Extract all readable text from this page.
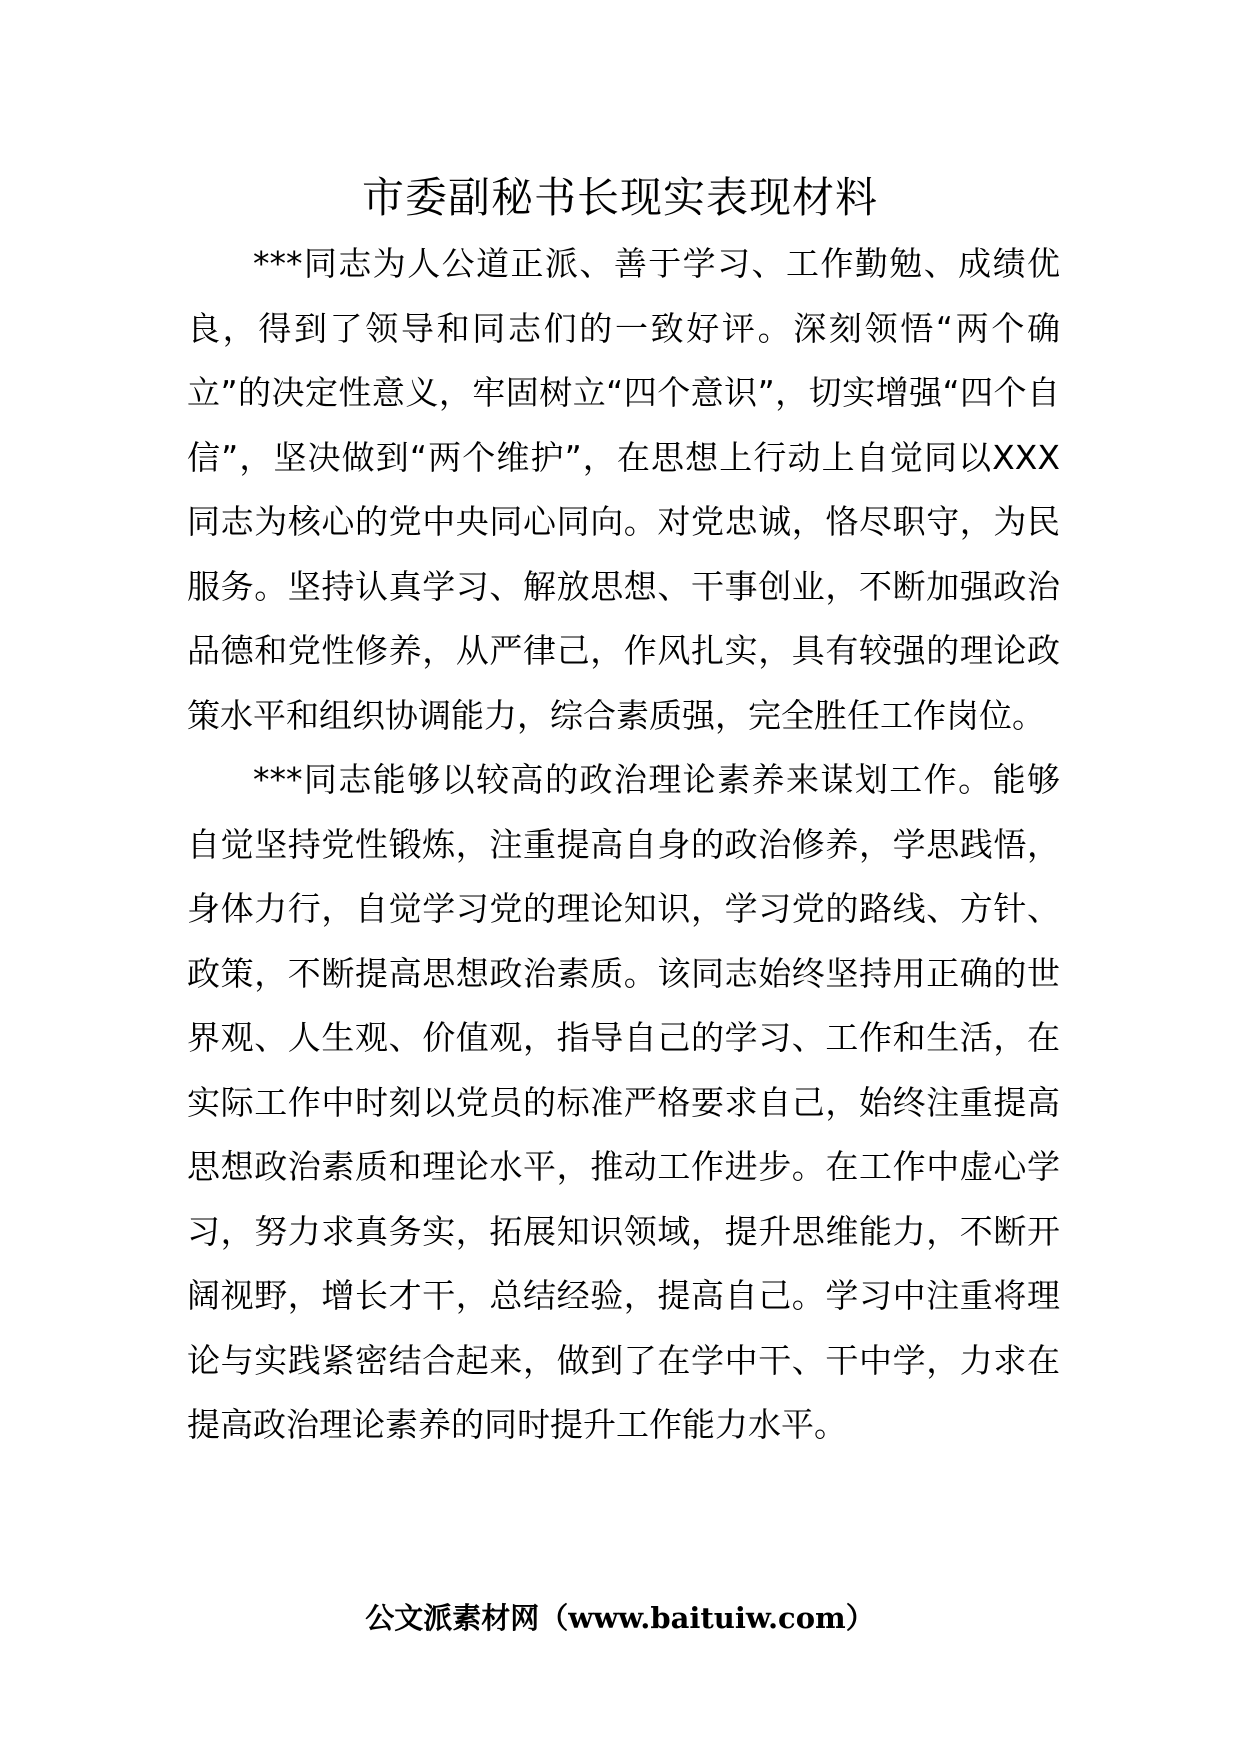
市委副秘书长现实表现材料

***同志为人公道正派、善于学习、工作勤勉、成绩优良，得到了领导和同志们的一致好评。深刻领悟“两个确立”的决定性意义，牢固树立“四个意识”，切实增强“四个自信”，坚决做到“两个维护”，在思想上行动上自觉同以XXX同志为核心的党中央同心同向。对党忠诚，恪尽职守，为民服务。坚持认真学习、解放思想、干事创业，不断加强政治品德和党性修养，从严律己，作风扎实，具有较强的理论政策水平和组织协调能力，综合素质强，完全胜任工作岗位。

***同志能够以较高的政治理论素养来谋划工作。能够自觉坚持党性锻炼，注重提高自身的政治修养，学思践悟，身体力行，自觉学习党的理论知识，学习党的路线、方针、政策，不断提高思想政治素质。该同志始终坚持用正确的世界观、人生观、价值观，指导自己的学习、工作和生活，在实际工作中时刻以党员的标准严格要求自己，始终注重提高思想政治素质和理论水平，推动工作进步。在工作中虚心学习，努力求真务实，拓展知识领域，提升思维能力，不断开阔视野，增长才干，总结经验，提高自己。学习中注重将理论与实践紧密结合起来，做到了在学中干、干中学，力求在提高政治理论素养的同时提升工作能力水平。

公文派素材网（www.baituiw.com）
